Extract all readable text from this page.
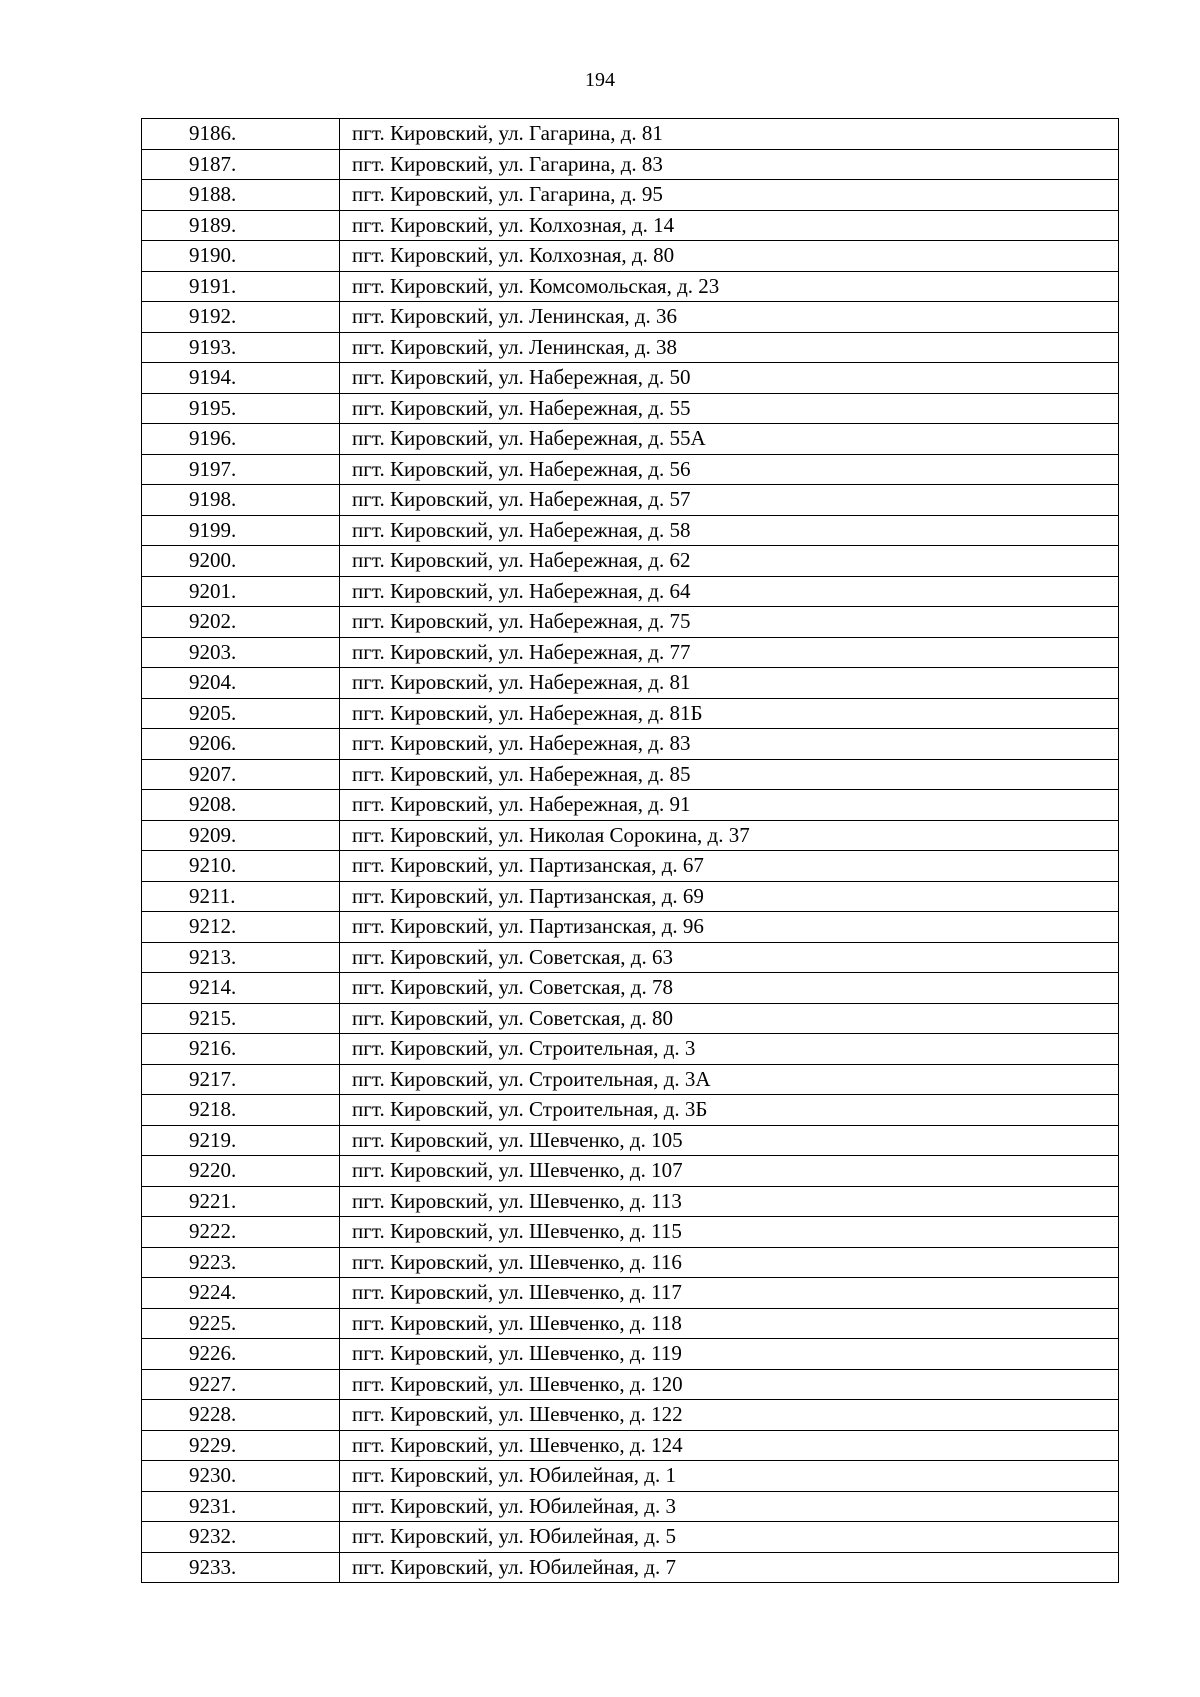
194
9186.	пгт. Кировский, ул. Гагарина, д. 81
9187.	пгт. Кировский, ул. Гагарина, д. 83
9188.	пгт. Кировский, ул. Гагарина, д. 95
9189.	пгт. Кировский, ул. Колхозная, д. 14
9190.	пгт. Кировский, ул. Колхозная, д. 80
9191.	пгт. Кировский, ул. Комсомольская, д. 23
9192.	пгт. Кировский, ул. Ленинская, д. 36
9193.	пгт. Кировский, ул. Ленинская, д. 38
9194.	пгт. Кировский, ул. Набережная, д. 50
9195.	пгт. Кировский, ул. Набережная, д. 55
9196.	пгт. Кировский, ул. Набережная, д. 55А
9197.	пгт. Кировский, ул. Набережная, д. 56
9198.	пгт. Кировский, ул. Набережная, д. 57
9199.	пгт. Кировский, ул. Набережная, д. 58
9200.	пгт. Кировский, ул. Набережная, д. 62
9201.	пгт. Кировский, ул. Набережная, д. 64
9202.	пгт. Кировский, ул. Набережная, д. 75
9203.	пгт. Кировский, ул. Набережная, д. 77
9204.	пгт. Кировский, ул. Набережная, д. 81
9205.	пгт. Кировский, ул. Набережная, д. 81Б
9206.	пгт. Кировский, ул. Набережная, д. 83
9207.	пгт. Кировский, ул. Набережная, д. 85
9208.	пгт. Кировский, ул. Набережная, д. 91
9209.	пгт. Кировский, ул. Николая Сорокина, д. 37
9210.	пгт. Кировский, ул. Партизанская, д. 67
9211.	пгт. Кировский, ул. Партизанская, д. 69
9212.	пгт. Кировский, ул. Партизанская, д. 96
9213.	пгт. Кировский, ул. Советская, д. 63
9214.	пгт. Кировский, ул. Советская, д. 78
9215.	пгт. Кировский, ул. Советская, д. 80
9216.	пгт. Кировский, ул. Строительная, д. 3
9217.	пгт. Кировский, ул. Строительная, д. 3А
9218.	пгт. Кировский, ул. Строительная, д. 3Б
9219.	пгт. Кировский, ул. Шевченко, д. 105
9220.	пгт. Кировский, ул. Шевченко, д. 107
9221.	пгт. Кировский, ул. Шевченко, д. 113
9222.	пгт. Кировский, ул. Шевченко, д. 115
9223.	пгт. Кировский, ул. Шевченко, д. 116
9224.	пгт. Кировский, ул. Шевченко, д. 117
9225.	пгт. Кировский, ул. Шевченко, д. 118
9226.	пгт. Кировский, ул. Шевченко, д. 119
9227.	пгт. Кировский, ул. Шевченко, д. 120
9228.	пгт. Кировский, ул. Шевченко, д. 122
9229.	пгт. Кировский, ул. Шевченко, д. 124
9230.	пгт. Кировский, ул. Юбилейная, д. 1
9231.	пгт. Кировский, ул. Юбилейная, д. 3
9232.	пгт. Кировский, ул. Юбилейная, д. 5
9233.	пгт. Кировский, ул. Юбилейная, д. 7
